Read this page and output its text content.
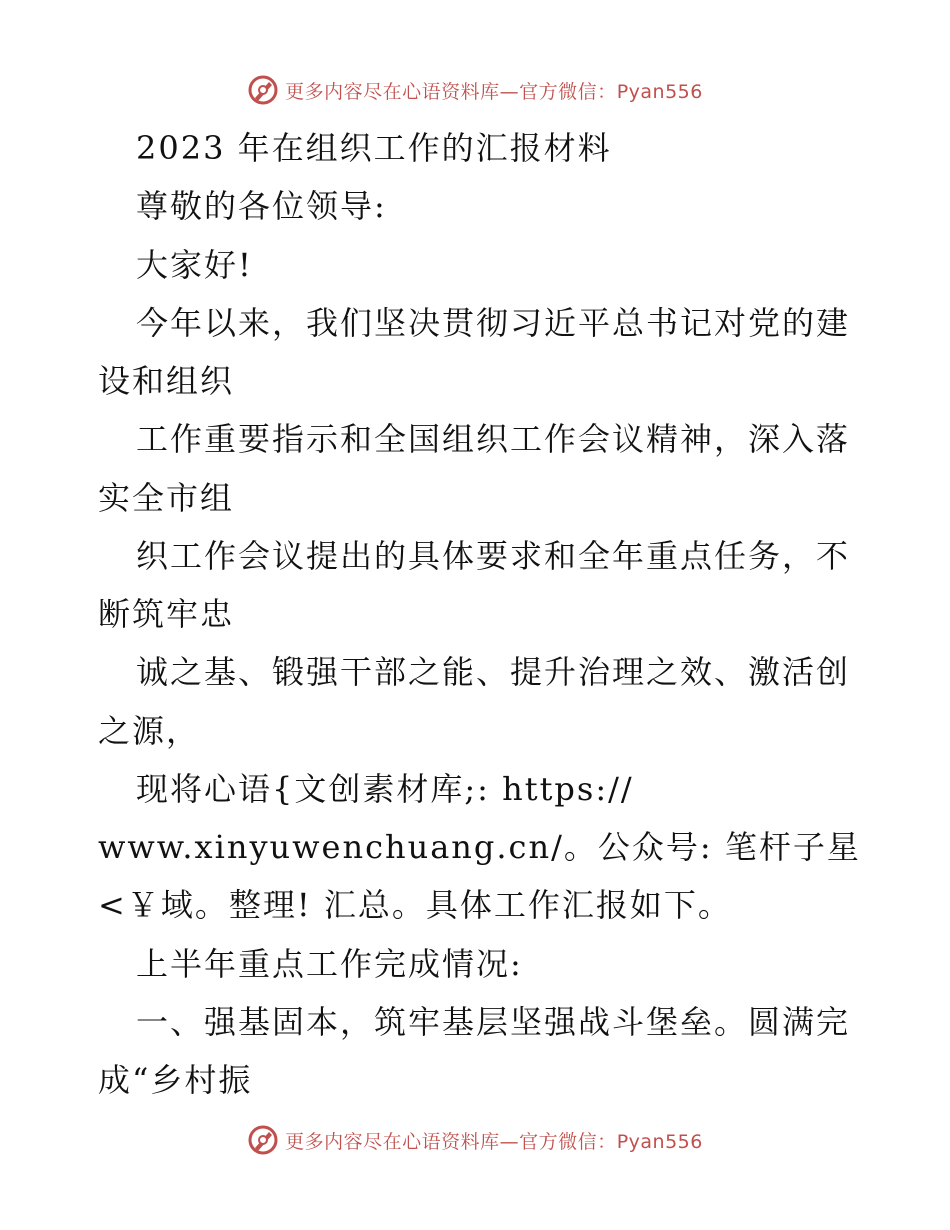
更多内容尽在心语资料库—官方微信：Pyan556
2023 年在组织工作的汇报材料
尊敬的各位领导:
大家好!
今年以来，我们坚决贯彻习近平总书记对党的建
设和组织
工作重要指示和全国组织工作会议精神，深入落
实全市组
织工作会议提出的具体要求和全年重点任务，不
断筑牢忠
诚之基、锻强干部之能、提升治理之效、激活创
之源，
现将心语{文创素材库;: https://
www.xinyuwenchuang.cn/。公众号: 笔杆子星
<￥域。整理! 汇总。具体工作汇报如下。
上半年重点工作完成情况:
一、强基固本，筑牢基层坚强战斗堡垒。圆满完
成“乡村振
更多内容尽在心语资料库—官方微信：Pyan556
